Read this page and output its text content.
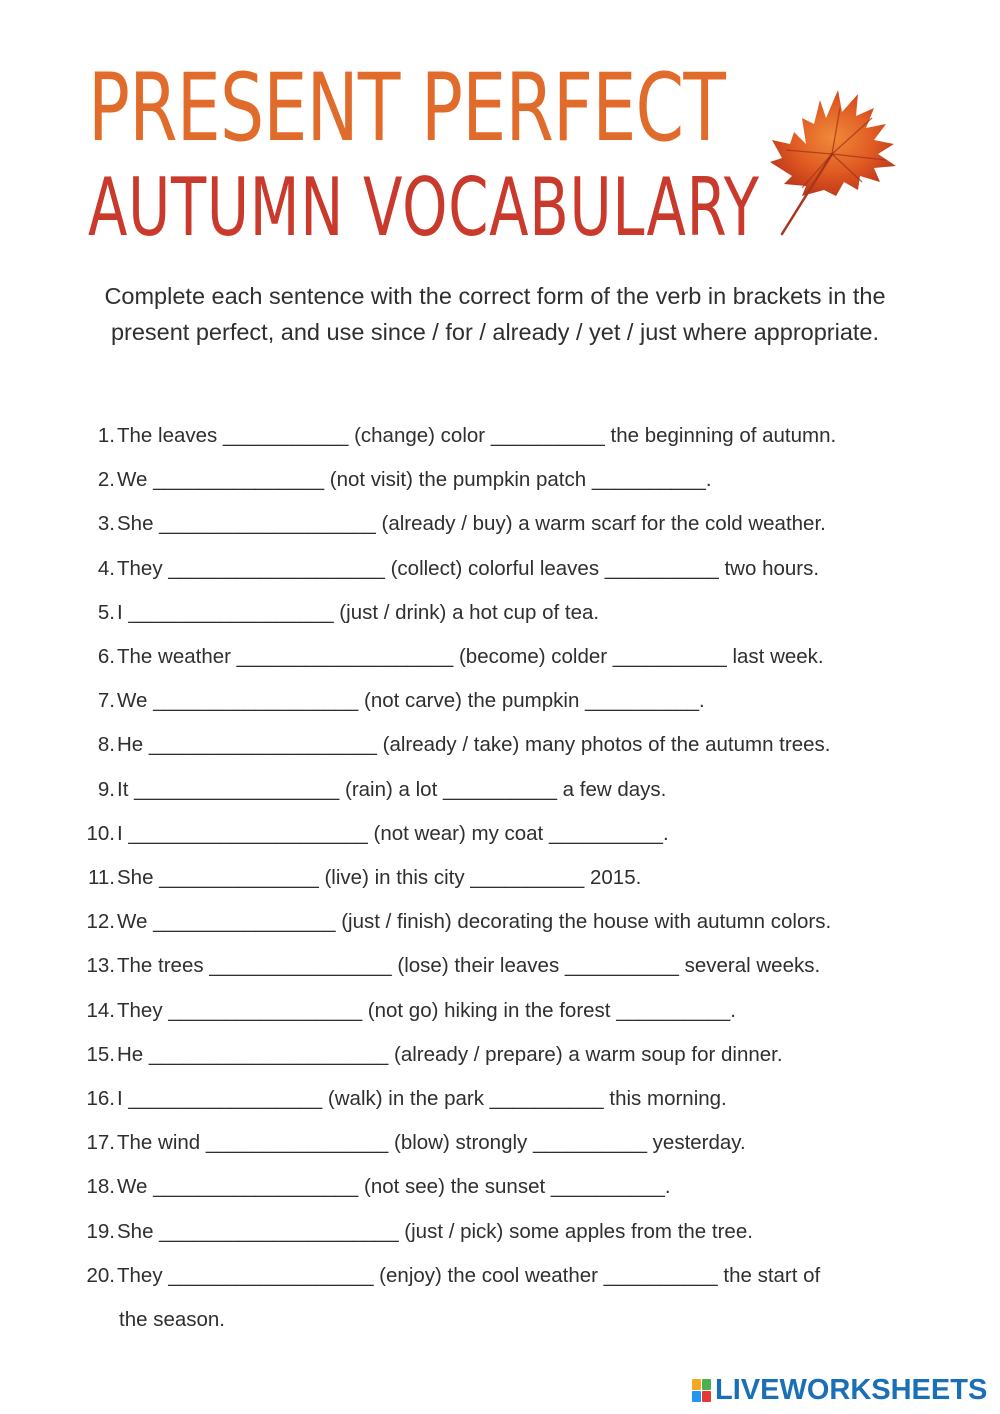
PRESENT PERFECT
AUTUMN VOCABULARY

Complete each sentence with the correct form of the verb in brackets in the present perfect, and use since / for / already / yet / just where appropriate.

1. The leaves ___________ (change) color __________ the beginning of autumn.
2. We _______________ (not visit) the pumpkin patch __________.
3. She ___________________ (already / buy) a warm scarf for the cold weather.
4. They ___________________ (collect) colorful leaves __________ two hours.
5. I __________________ (just / drink) a hot cup of tea.
6. The weather ___________________ (become) colder __________ last week.
7. We __________________ (not carve) the pumpkin __________.
8. He ____________________ (already / take) many photos of the autumn trees.
9. It __________________ (rain) a lot __________ a few days.
10. I _____________________ (not wear) my coat __________.
11. She ______________ (live) in this city __________ 2015.
12. We ________________ (just / finish) decorating the house with autumn colors.
13. The trees ________________ (lose) their leaves __________ several weeks.
14. They _________________ (not go) hiking in the forest __________.
15. He _____________________ (already / prepare) a warm soup for dinner.
16. I _________________ (walk) in the park __________ this morning.
17. The wind ________________ (blow) strongly __________ yesterday.
18. We __________________ (not see) the sunset __________.
19. She _____________________ (just / pick) some apples from the tree.
20. They __________________ (enjoy) the cool weather __________ the start of
the season.
LIVEWORKSHEETS
